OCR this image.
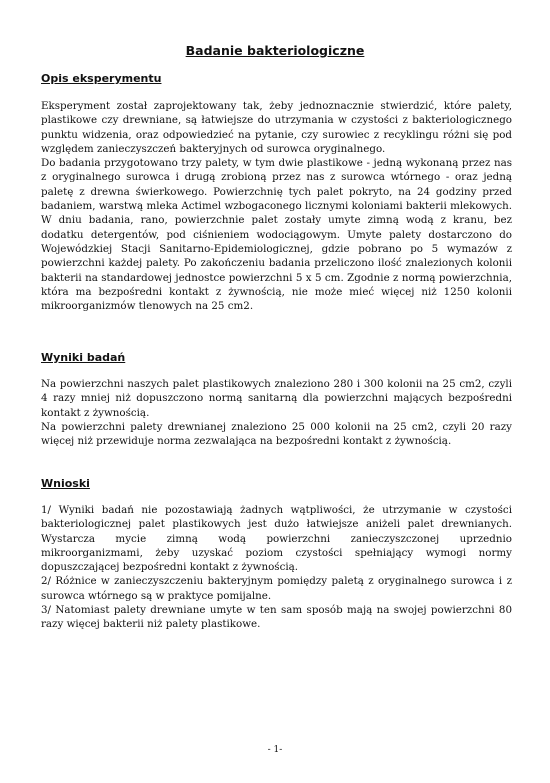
Badanie bakteriologiczne
Opis eksperymentu

Eksperyment został zaprojektowany tak, żeby jednoznacznie stwierdzić, które palety, plastikowe czy drewniane, są łatwiejsze do utrzymania w czystości z bakteriologicznego punktu widzenia, oraz odpowiedzieć na pytanie, czy surowiec z recyklingu różni się pod względem zanieczyszczeń bakteryjnych od surowca oryginalnego.

Do badania przygotowano trzy palety, w tym dwie plastikowe - jedną wykonaną przez nas z oryginalnego surowca i drugą zrobioną przez nas z surowca wtórnego - oraz jedną paletę z drewna świerkowego. Powierzchnię tych palet pokryto, na 24 godziny przed badaniem, warstwą mleka Actimel wzbogaconego licznymi koloniami bakterii mlekowych. W dniu badania, rano, powierzchnie palet zostały umyte zimną wodą z kranu, bez dodatku detergentów, pod ciśnieniem wodociągowym. Umyte palety dostarczono do Wojewódzkiej Stacji Sanitarno-Epidemiologicznej, gdzie pobrano po 5 wymazów z powierzchni każdej palety. Po zakończeniu badania przeliczono ilość znalezionych kolonii bakterii na standardowej jednostce powierzchni 5 x 5 cm. Zgodnie z normą powierzchnia, która ma bezpośredni kontakt z żywnością, nie może mieć więcej niż 1250 kolonii mikroorganizmów tlenowych na 25 cm2.

Wyniki badań

Na powierzchni naszych palet plastikowych znaleziono 280 i 300 kolonii na 25 cm2, czyli 4 razy mniej niż dopuszczono normą sanitarną dla powierzchni mających bezpośredni kontakt z żywnością.

Na powierzchni palety drewnianej znaleziono 25 000 kolonii na 25 cm2, czyli 20 razy więcej niż przewiduje norma zezwalająca na bezpośredni kontakt z żywnością.

Wnioski

1/ Wyniki badań nie pozostawiają żadnych wątpliwości, że utrzymanie w czystości bakteriologicznej palet plastikowych jest dużo łatwiejsze aniżeli palet drewnianych. Wystarcza mycie zimną wodą powierzchni zanieczyszczonej uprzednio mikroorganizmami, żeby uzyskać poziom czystości spełniający wymogi normy dopuszczającej bezpośredni kontakt z żywnością.

2/ Różnice w zanieczyszczeniu bakteryjnym pomiędzy paletą z oryginalnego surowca i z surowca wtórnego są w praktyce pomijalne.

3/ Natomiast palety drewniane umyte w ten sam sposób mają na swojej powierzchni 80 razy więcej bakterii niż palety plastikowe.

- 1-
